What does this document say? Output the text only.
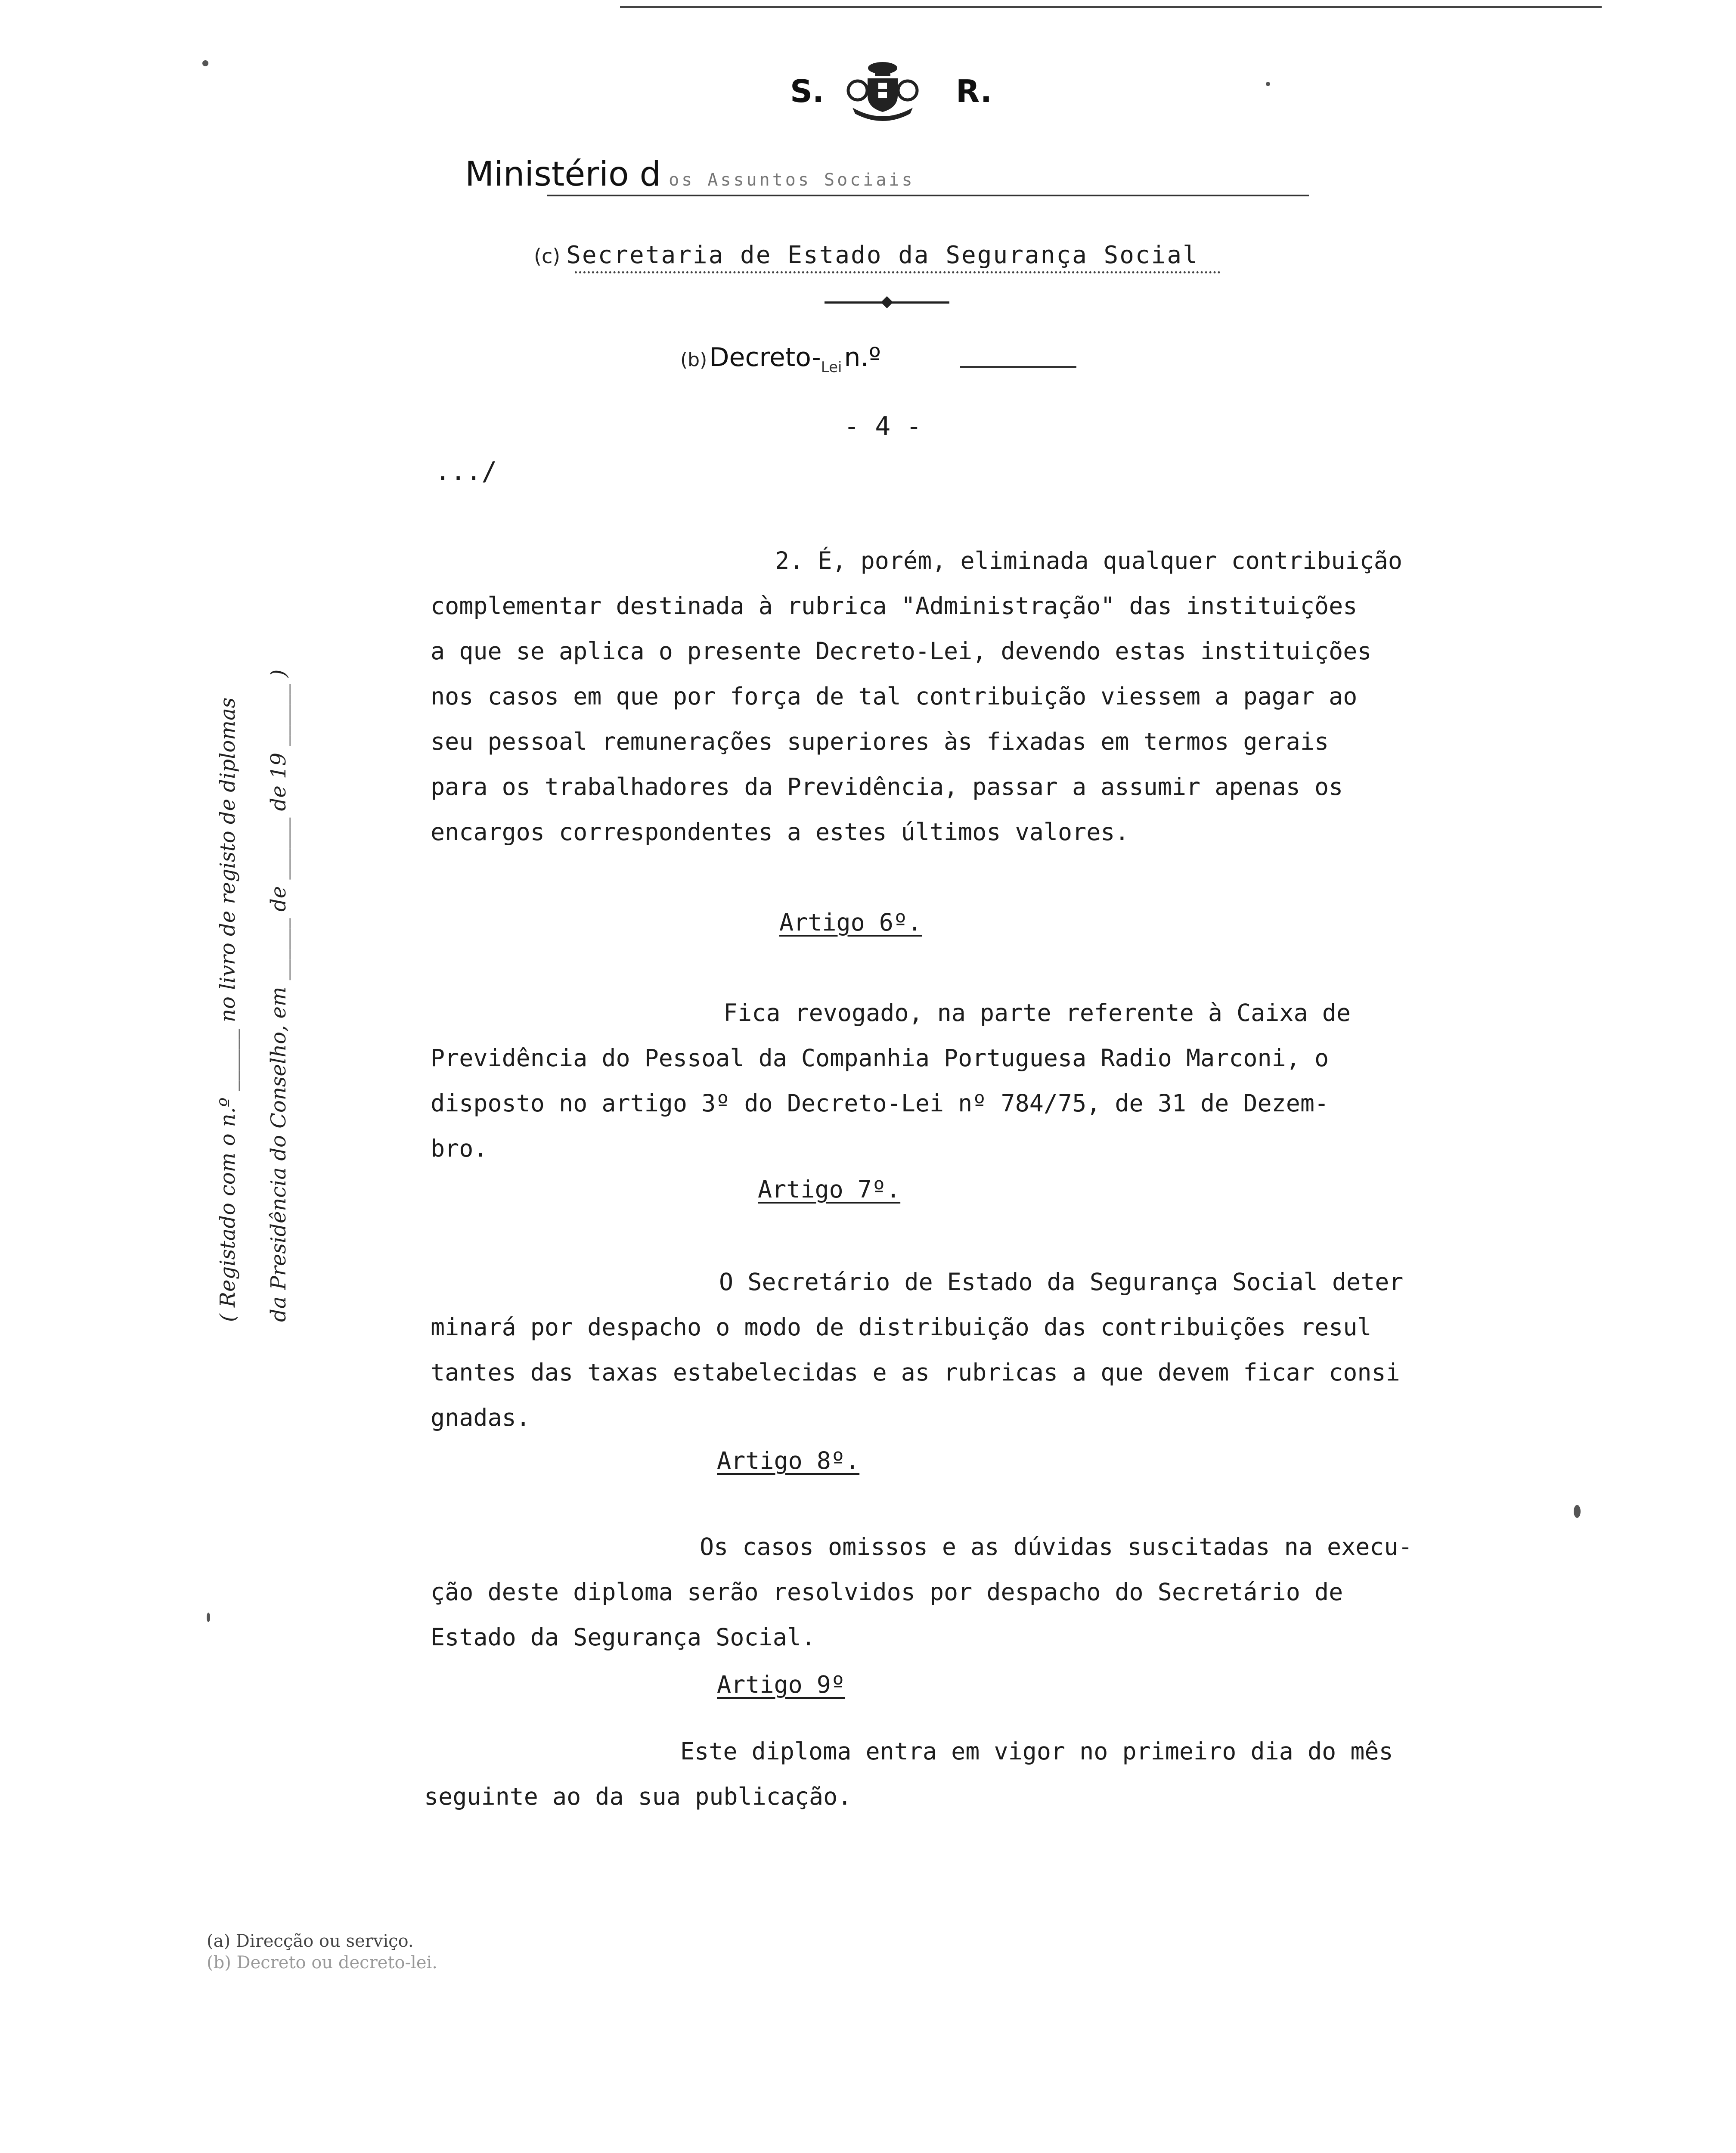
S.	R.
Ministério d os Assuntos Sociais
(c) Secretaria de Estado da Segurança Social
(b) Decreto-Lei n.º
- 4 -
.../
2. É, porém, eliminada qualquer contribuição
complementar destinada à rubrica "Administração" das instituições
a que se aplica o presente Decreto-Lei, devendo estas instituições
nos casos em que por força de tal contribuição viessem a pagar ao
seu pessoal remunerações superiores às fixadas em termos gerais
para os trabalhadores da Previdência, passar a assumir apenas os
encargos correspondentes a estes últimos valores.
Artigo 6º.
Fica revogado, na parte referente à Caixa de
Previdência do Pessoal da Companhia Portuguesa Radio Marconi, o
disposto no artigo 3º do Decreto-Lei nº 784/75, de 31 de Dezem-
bro.
Artigo 7º.
O Secretário de Estado da Segurança Social deter
minará por despacho o modo de distribuição das contribuições resul
tantes das taxas estabelecidas e as rubricas a que devem ficar consi
gnadas.
Artigo 8º.
Os casos omissos e as dúvidas suscitadas na execu-
ção deste diploma serão resolvidos por despacho do Secretário de
Estado da Segurança Social.
Artigo 9º
Este diploma entra em vigor no primeiro dia do mês
seguinte ao da sua publicação.
( Registado com o n.º ______ no livro de registo de diplomas	da Presidência do Conselho, em ______ de ______ de 19 ______ )
(a) Direcção ou serviço.
(b) Decreto ou decreto-lei.
